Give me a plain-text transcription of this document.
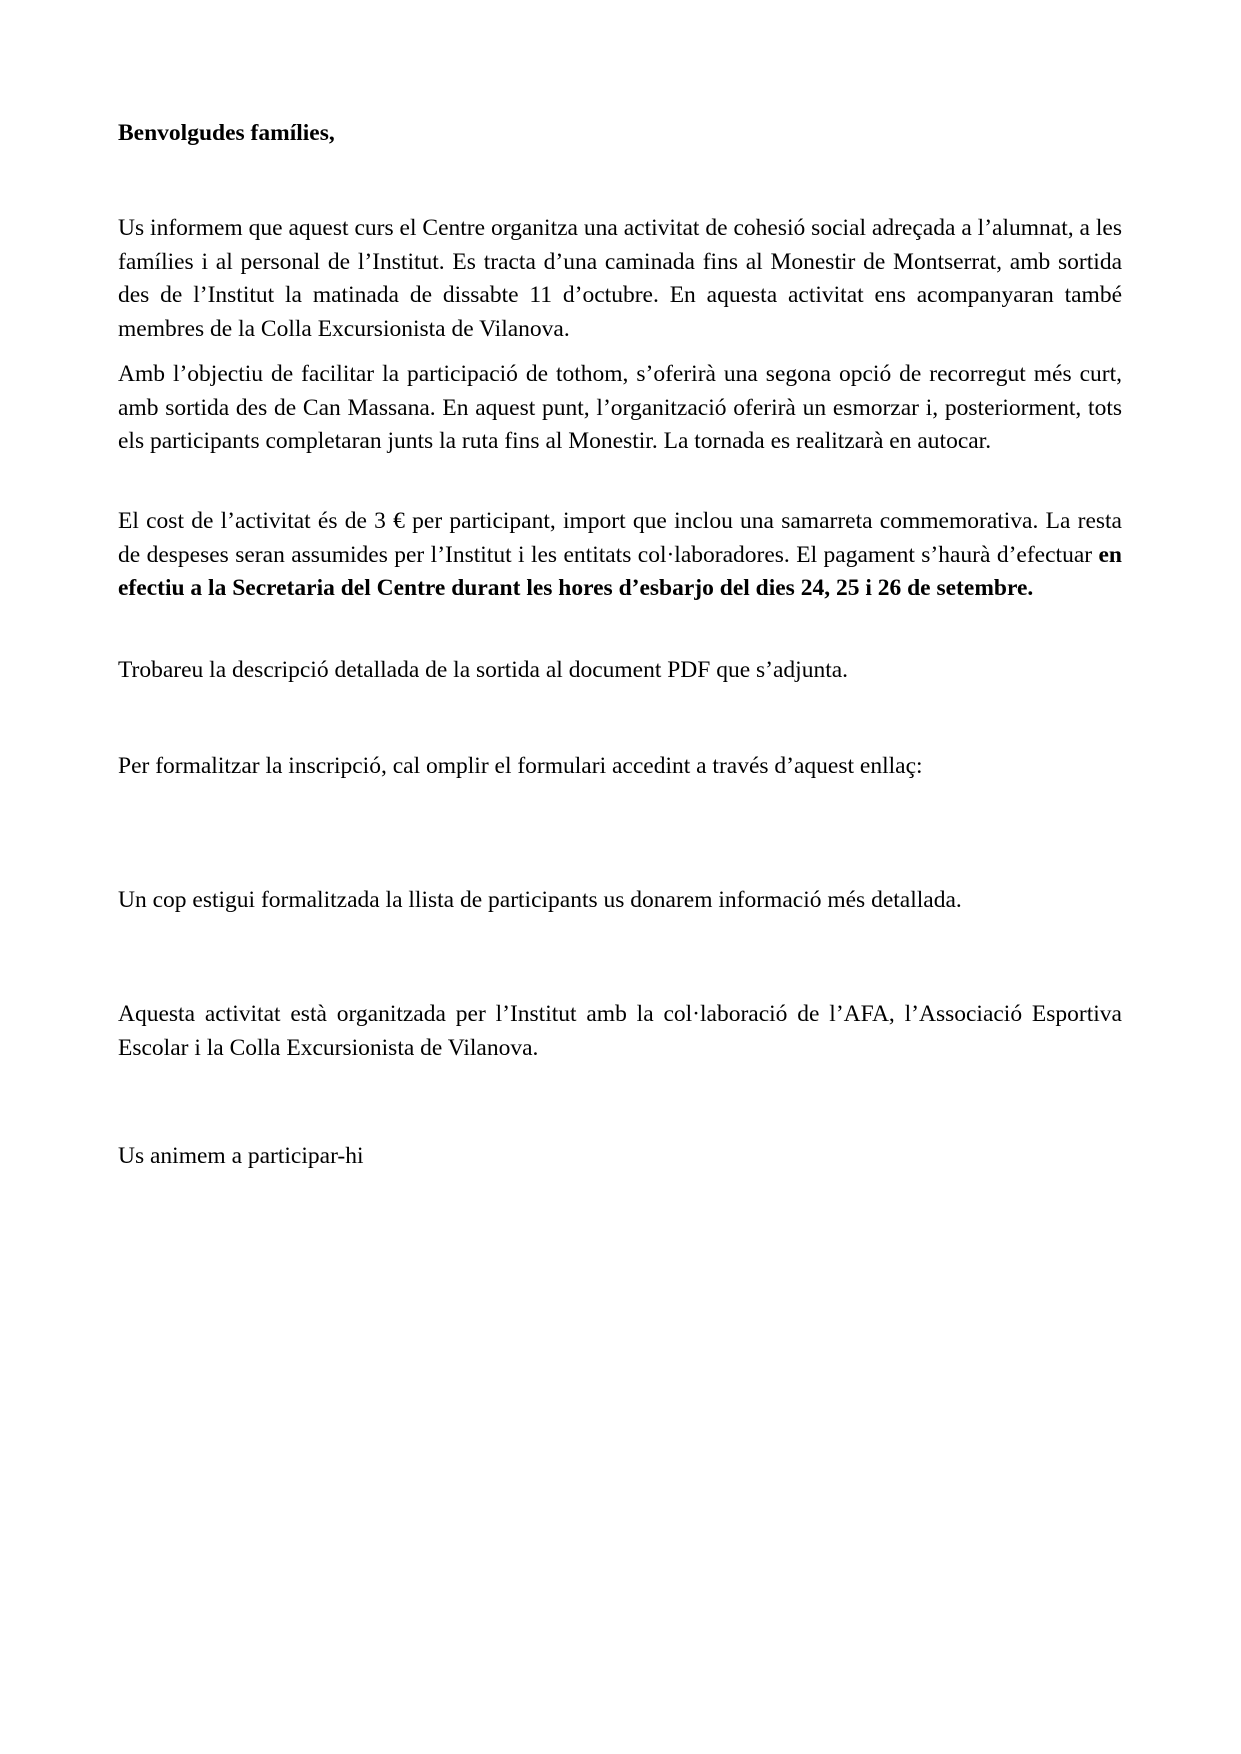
Benvolgudes famílies,

Us informem que aquest curs el Centre organitza una activitat de cohesió social adreçada a l’alumnat, a les famílies i al personal de l’Institut. Es tracta d’una caminada fins al Monestir de Montserrat, amb sortida des de l’Institut la matinada de dissabte 11 d’octubre. En aquesta activitat ens acompanyaran també membres de la Colla Excursionista de Vilanova.

Amb l’objectiu de facilitar la participació de tothom, s’oferirà una segona opció de recorregut més curt, amb sortida des de Can Massana. En aquest punt, l’organització oferirà un esmorzar i, posteriorment, tots els participants completaran junts la ruta fins al Monestir. La tornada es realitzarà en autocar.

El cost de l’activitat és de 3 € per participant, import que inclou una samarreta commemorativa. La resta de despeses seran assumides per l’Institut i les entitats col·laboradores. El pagament s’haurà d’efectuar en efectiu a la Secretaria del Centre durant les hores d’esbarjo del dies 24, 25 i 26 de setembre.

Trobareu la descripció detallada de la sortida al document PDF que s’adjunta.

Per formalitzar la inscripció, cal omplir el formulari accedint a través d’aquest enllaç:

Un cop estigui formalitzada la llista de participants us donarem informació més detallada.

Aquesta activitat està organitzada per l’Institut amb la col·laboració de l’AFA, l’Associació Esportiva Escolar i la Colla Excursionista de Vilanova.

Us animem a participar-hi
